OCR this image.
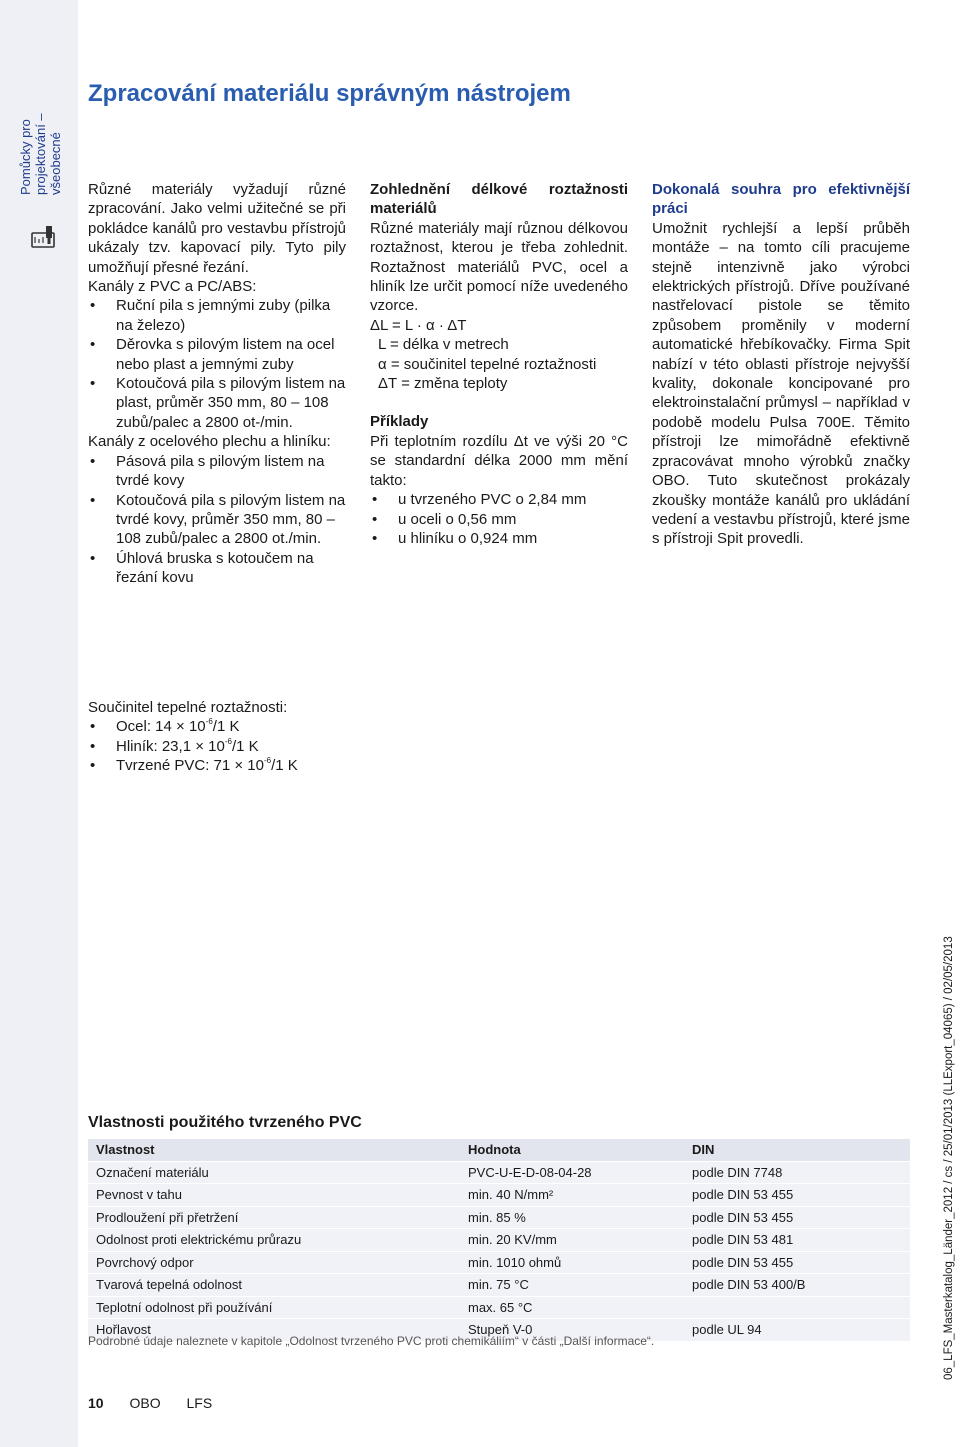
Pomůcky pro projektování – všeobecné
Zpracování materiálu správným nástrojem

Různé materiály vyžadují různé zpracování. Jako velmi užitečné se při pokládce kanálů pro vestavbu přístrojů ukázaly tzv. kapovací pily. Tyto pily umožňují přesné řezání.

Kanály z PVC a PC/ABS:

• Ruční pila s jemnými zuby (pilka na železo)
• Děrovka s pilovým listem na ocel nebo plast a jemnými zuby
• Kotoučová pila s pilovým listem na plast, průměr 350 mm, 80 – 108 zubů/palec a 2800 ot-/min.

Kanály z ocelového plechu a hliníku:

• Pásová pila s pilovým listem na tvrdé kovy
• Kotoučová pila s pilovým listem na tvrdé kovy, průměr 350 mm, 80 – 108 zubů/palec a 2800 ot./min.
• Úhlová bruska s kotoučem na řezání kovu
Zohlednění délkové roztažnosti materiálů

Různé materiály mají různou délkovou roztažnost, kterou je třeba zohlednit. Roztažnost materiálů PVC, ocel a hliník lze určit pomocí níže uvedeného vzorce.

ΔL = L · α · ΔT

L = délka v metrech

α = součinitel tepelné roztažnosti

ΔT = změna teploty

Příklady

Při teplotním rozdílu Δt ve výši 20 °C se standardní délka 2000 mm mění takto:

• u tvrzeného PVC o 2,84 mm
• u oceli o 0,56 mm
• u hliníku o 0,924 mm
Dokonalá souhra pro efektivnější práci

Umožnit rychlejší a lepší průběh montáže – na tomto cíli pracujeme stejně intenzivně jako výrobci elektrických přístrojů. Dříve používané nastřelovací pistole se těmito způsobem proměnily v moderní automatické hřebíkovačky. Firma Spit nabízí v této oblasti přístroje nejvyšší kvality, dokonale koncipované pro elektroinstalační průmysl – například v podobě modelu Pulsa 700E. Těmito přístroji lze mimořádně efektivně zpracovávat mnoho výrobků značky OBO. Tuto skutečnost prokázaly zkoušky montáže kanálů pro ukládání vedení a vestavbu přístrojů, které jsme s přístroji Spit provedli.

Součinitel tepelné roztažnosti:

• Ocel: $14 \times 10^{-6}/1$ K
• Hliník: $23,1 \times 10^{-6}/1$ K
• Tvrzené PVC: $71 \times 10^{-6}/1$ K
Vlastnosti použitého tvrzeného PVC
Vlastnost	Hodnota	DIN
Označení materiálu	PVC-U-E-D-08-04-28	podle DIN 7748
Pevnost v tahu	min. 40 N/mm²	podle DIN 53 455
Prodloužení při přetržení	min. 85 %	podle DIN 53 455
Odolnost proti elektrickému průrazu	min. 20 KV/mm	podle DIN 53 481
Povrchový odpor	min. 1010 ohmů	podle DIN 53 455
Tvarová tepelná odolnost	min. 75 °C	podle DIN 53 400/B
Teplotní odolnost při používání	max. 65 °C	
Hořlavost	Stupeň V-0	podle UL 94
Podrobné údaje naleznete v kapitole „Odolnost tvrzeného PVC proti chemikáliím“ v části „Další informace“.
10 OBO LFS
06_LFS_Masterkatalog_Länder_2012 / cs / 25/01/2013 (LLExport_04065) / 02/05/2013
